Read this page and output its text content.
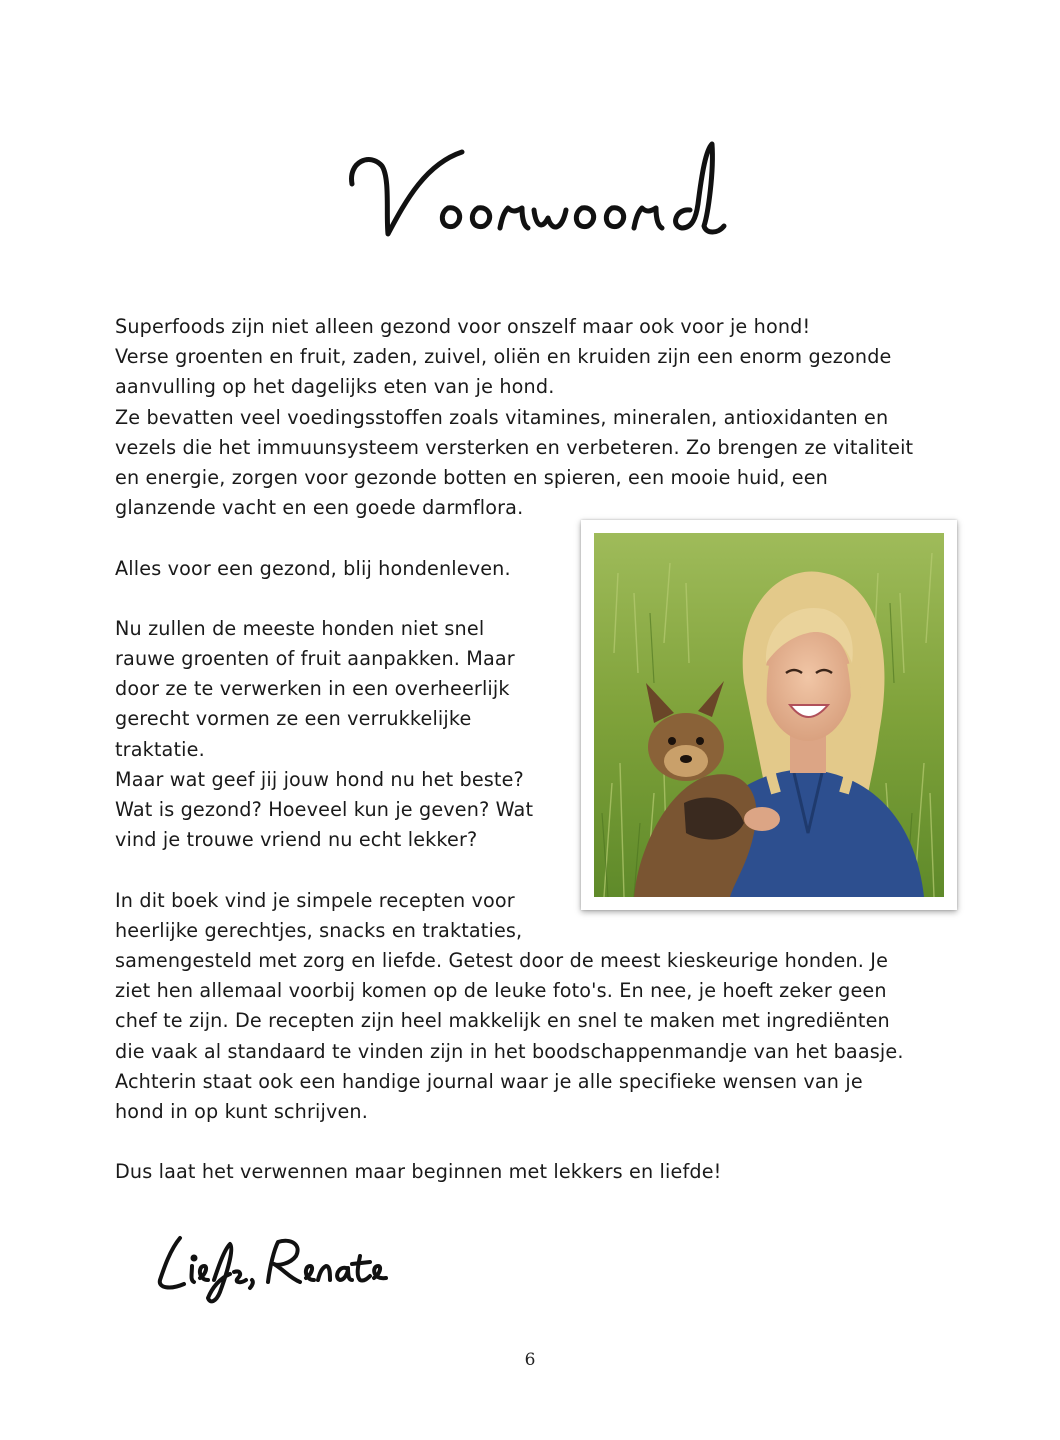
Superfoods zijn niet alleen gezond voor onszelf maar ook voor je hond!
Verse groenten en fruit, zaden, zuivel, oliën en kruiden zijn een enorm gezonde
aanvulling op het dagelijks eten van je hond.
Ze bevatten veel voedingsstoffen zoals vitamines, mineralen, antioxidanten en
vezels die het immuunsysteem versterken en verbeteren. Zo brengen ze vitaliteit
en energie, zorgen voor gezonde botten en spieren, een mooie huid, een
glanzende vacht en een goede darmflora.
Alles voor een gezond, blij hondenleven.
Nu zullen de meeste honden niet snel
rauwe groenten of fruit aanpakken. Maar
door ze te verwerken in een overheerlijk
gerecht vormen ze een verrukkelijke
traktatie.
Maar wat geef jij jouw hond nu het beste?
Wat is gezond? Hoeveel kun je geven? Wat
vind je trouwe vriend nu echt lekker?
In dit boek vind je simpele recepten voor
heerlijke gerechtjes, snacks en traktaties,
samengesteld met zorg en liefde. Getest door de meest kieskeurige honden. Je
ziet hen allemaal voorbij komen op de leuke foto's. En nee, je hoeft zeker geen
chef te zijn. De recepten zijn heel makkelijk en snel te maken met ingrediënten
die vaak al standaard te vinden zijn in het boodschappenmandje van het baasje.
Achterin staat ook een handige journal waar je alle specifieke wensen van je
hond in op kunt schrijven.
Dus laat het verwennen maar beginnen met lekkers en liefde!
6
